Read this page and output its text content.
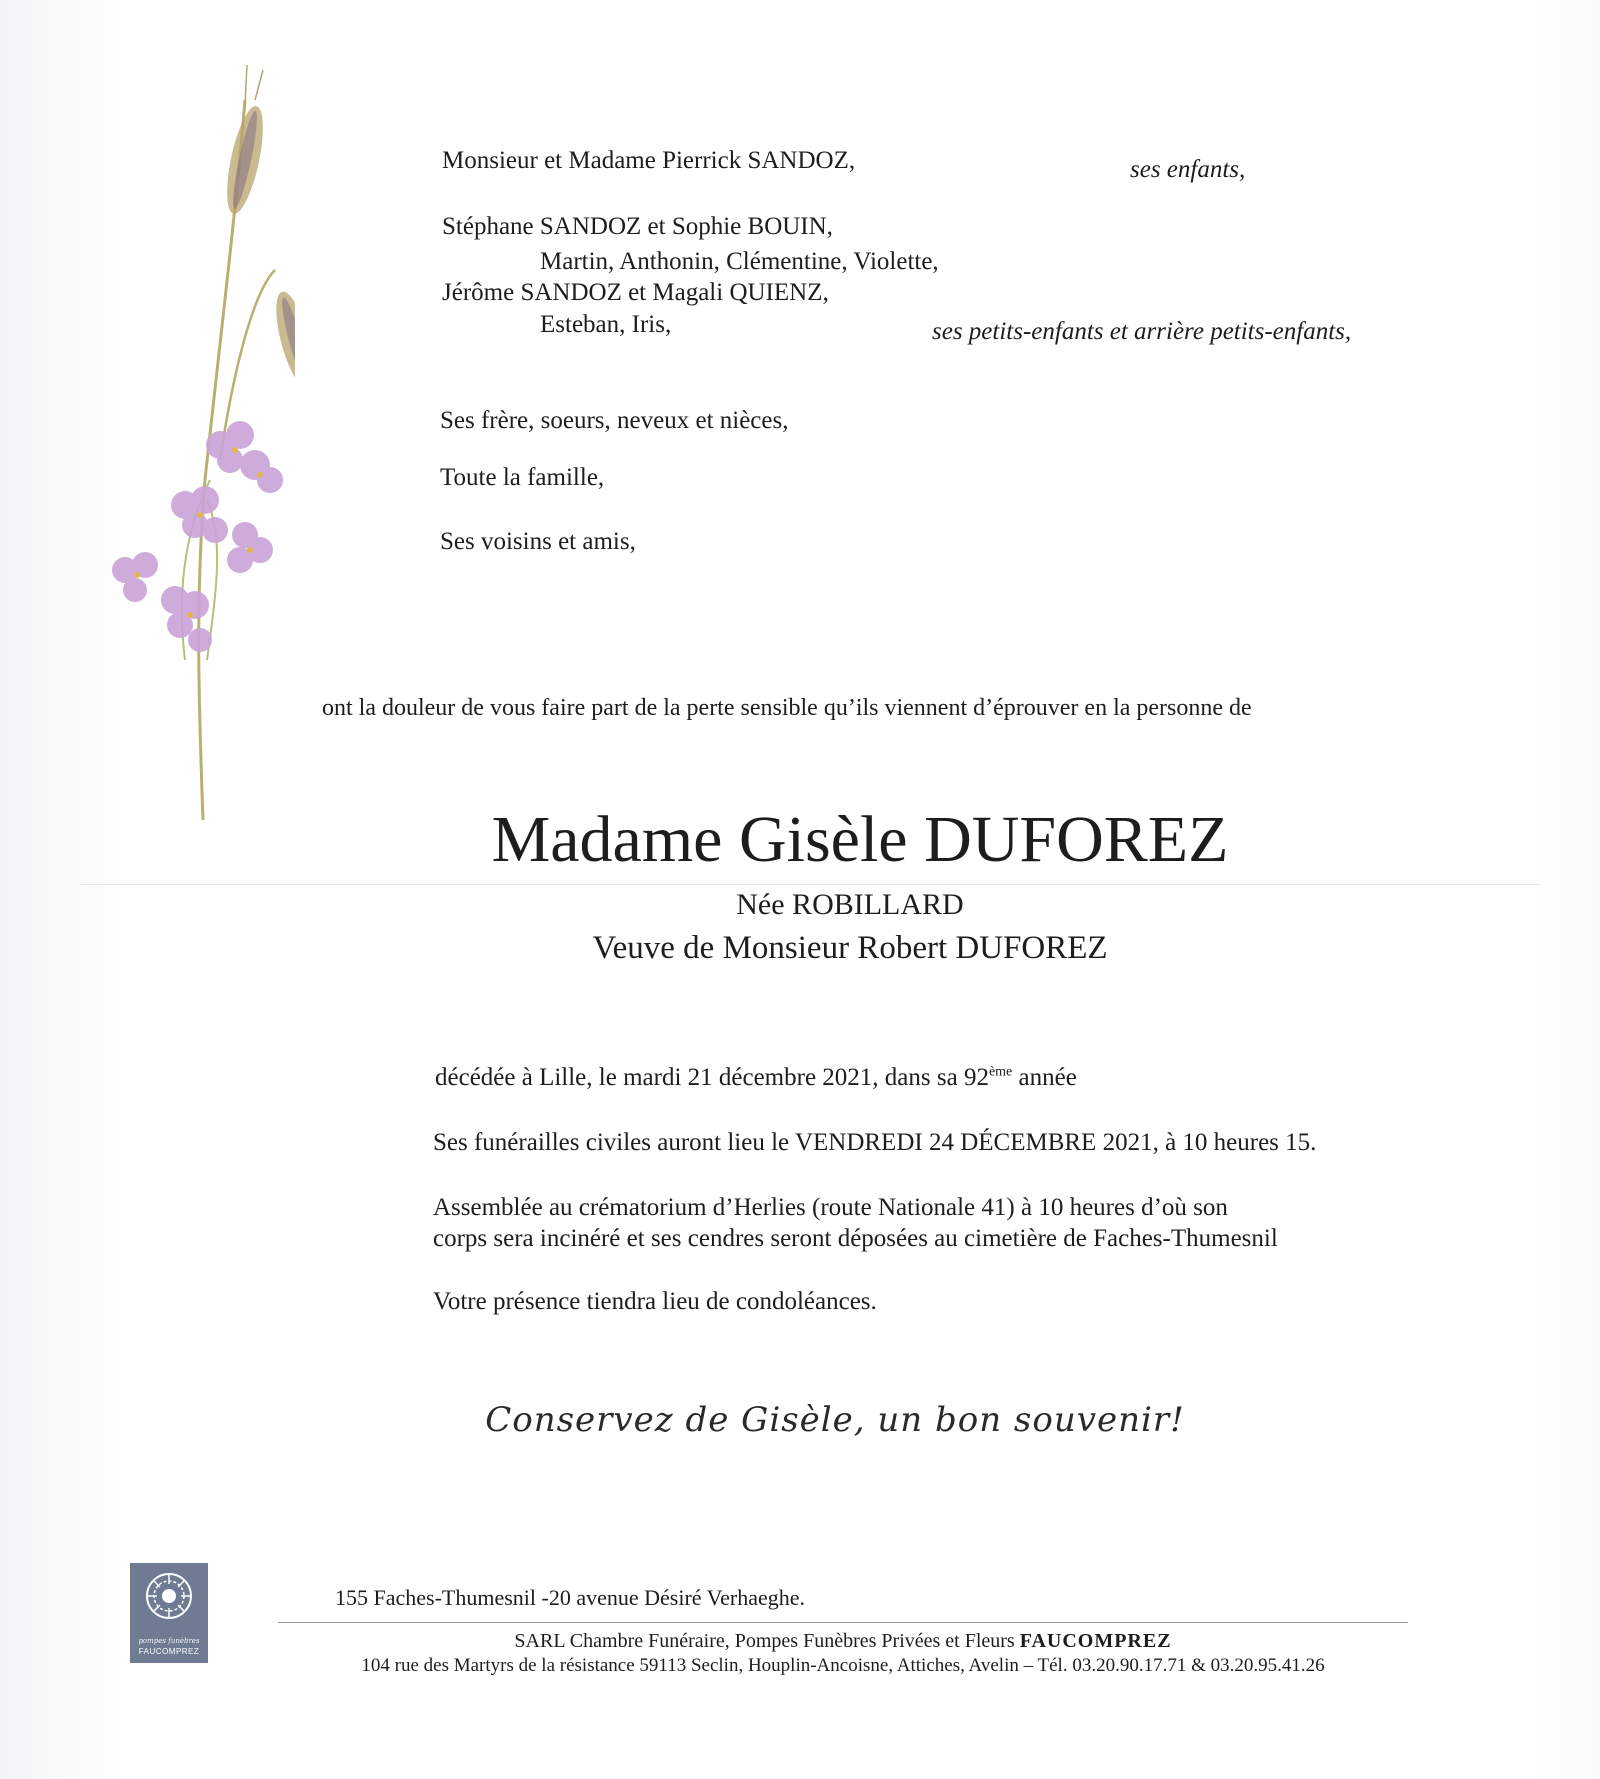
Monsieur et Madame Pierrick SANDOZ,	ses enfants,
Stéphane SANDOZ et Sophie BOUIN,
Martin, Anthonin, Clémentine, Violette,
Jérôme SANDOZ et Magali QUIENZ,
Esteban, Iris,	ses petits-enfants et arrière petits-enfants,
Ses frère, soeurs, neveux et nièces,
Toute la famille,
Ses voisins et amis,
ont la douleur de vous faire part de la perte sensible qu’ils viennent d’éprouver en la personne de
Madame Gisèle DUFOREZ
Née ROBILLARD
Veuve de Monsieur Robert DUFOREZ
décédée à Lille, le mardi 21 décembre 2021, dans sa 92ème année
Ses funérailles civiles auront lieu le VENDREDI 24 DÉCEMBRE 2021, à 10 heures 15.
Assemblée au crématorium d’Herlies (route Nationale 41) à 10 heures d’où son
corps sera incinéré et ses cendres seront déposées au cimetière de Faches-Thumesnil
Votre présence tiendra lieu de condoléances.
Conservez de Gisèle, un bon souvenir!
pompes funèbres
FAUCOMPREZ
155 Faches-Thumesnil -20 avenue Désiré Verhaeghe.
SARL Chambre Funéraire, Pompes Funèbres Privées et Fleurs FAUCOMPREZ
104 rue des Martyrs de la résistance 59113 Seclin, Houplin-Ancoisne, Attiches, Avelin – Tél. 03.20.90.17.71 & 03.20.95.41.26
